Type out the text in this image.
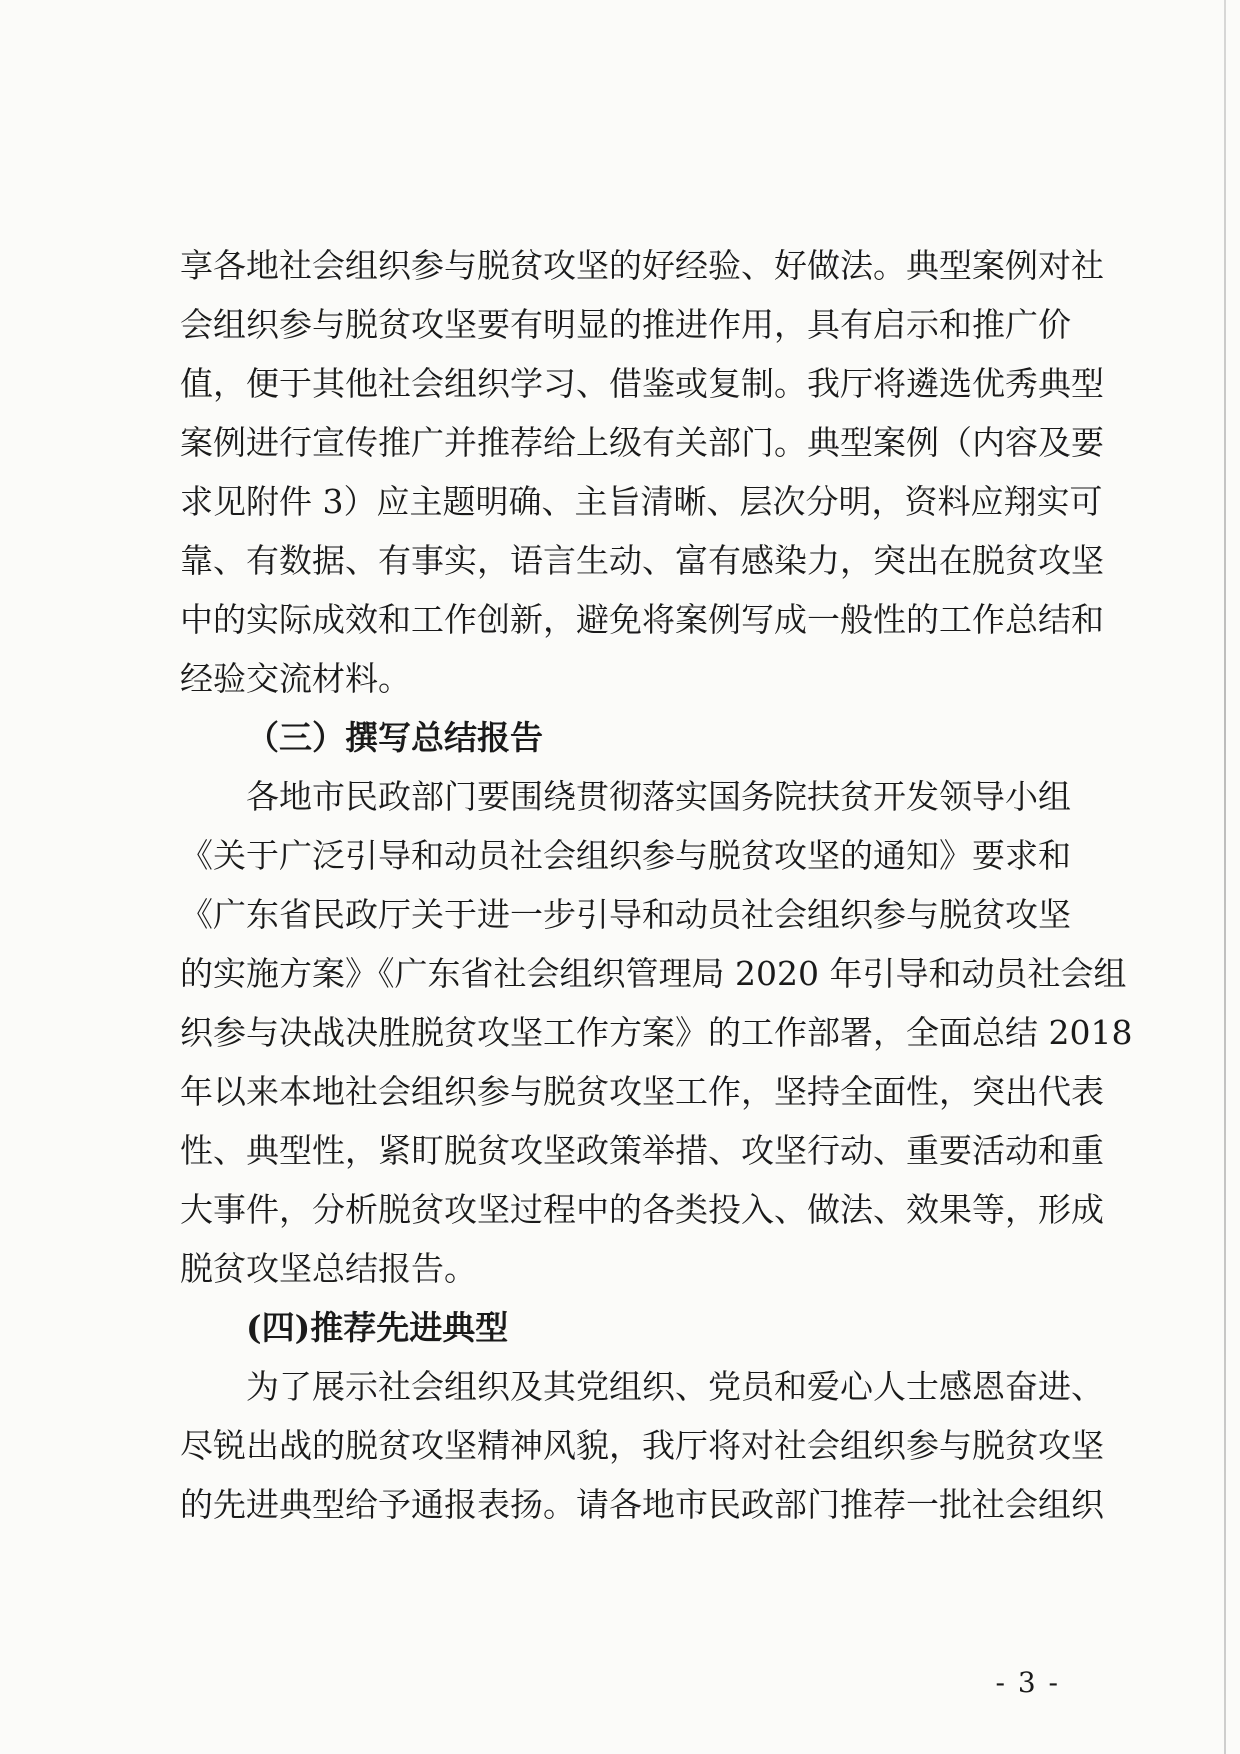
享各地社会组织参与脱贫攻坚的好经验、好做法。典型案例对社
会组织参与脱贫攻坚要有明显的推进作用，具有启示和推广价
值，便于其他社会组织学习、借鉴或复制。我厅将遴选优秀典型
案例进行宣传推广并推荐给上级有关部门。典型案例（内容及要
求见附件 3）应主题明确、主旨清晰、层次分明，资料应翔实可
靠、有数据、有事实，语言生动、富有感染力，突出在脱贫攻坚
中的实际成效和工作创新，避免将案例写成一般性的工作总结和
经验交流材料。
（三）撰写总结报告
各地市民政部门要围绕贯彻落实国务院扶贫开发领导小组
《关于广泛引导和动员社会组织参与脱贫攻坚的通知》要求和
《广东省民政厅关于进一步引导和动员社会组织参与脱贫攻坚
的实施方案》《广东省社会组织管理局 2020 年引导和动员社会组
织参与决战决胜脱贫攻坚工作方案》的工作部署，全面总结 2018
年以来本地社会组织参与脱贫攻坚工作，坚持全面性，突出代表
性、典型性，紧盯脱贫攻坚政策举措、攻坚行动、重要活动和重
大事件，分析脱贫攻坚过程中的各类投入、做法、效果等，形成
脱贫攻坚总结报告。
(四)推荐先进典型
为了展示社会组织及其党组织、党员和爱心人士感恩奋进、
尽锐出战的脱贫攻坚精神风貌，我厅将对社会组织参与脱贫攻坚
的先进典型给予通报表扬。请各地市民政部门推荐一批社会组织
- 3 -
